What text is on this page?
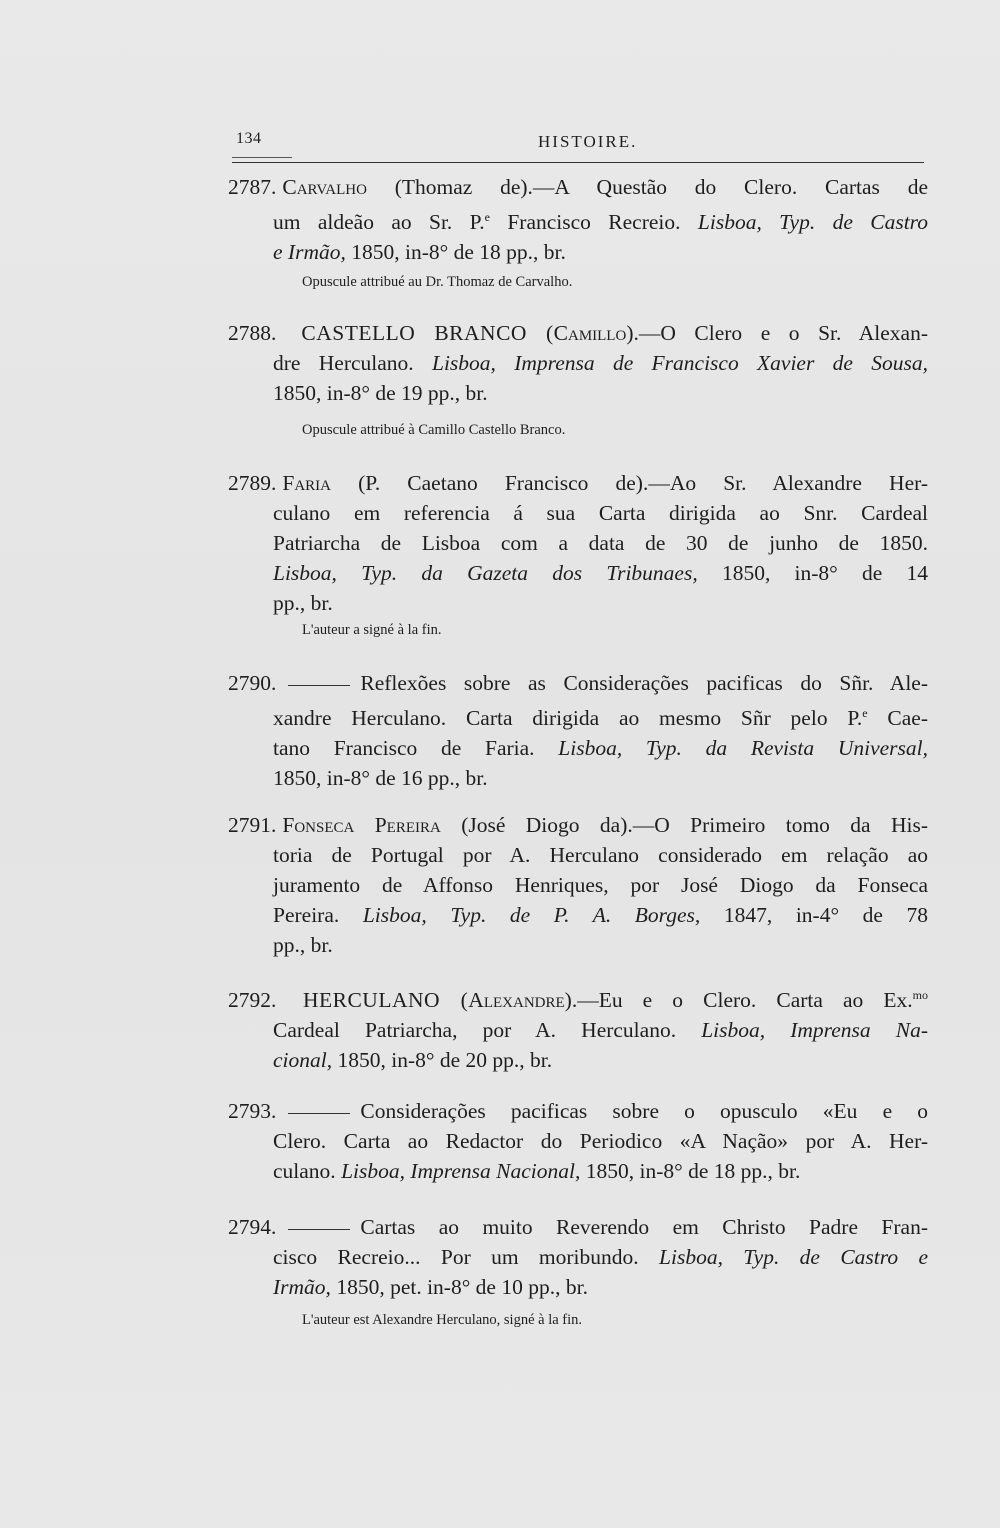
134	HISTOIRE.
2787. Carvalho (Thomaz de).—A Questão do Clero. Cartas de
um aldeão ao Sr. P.$^e$ Francisco Recreio. Lisboa, Typ. de Castro
e Irmão, 1850, in-8° de 18 pp., br.
Opuscule attribué au Dr. Thomaz de Carvalho.
2788. CASTELLO BRANCO (Camillo).—O Clero e o Sr. Alexan-
dre Herculano. Lisboa, Imprensa de Francisco Xavier de Sousa,
1850, in-8° de 19 pp., br.
Opuscule attribué à Camillo Castello Branco.
2789. Faria (P. Caetano Francisco de).—Ao Sr. Alexandre Her-
culano em referencia á sua Carta dirigida ao Snr. Cardeal
Patriarcha de Lisboa com a data de 30 de junho de 1850.
Lisboa, Typ. da Gazeta dos Tribunaes, 1850, in-8° de 14
pp., br.
L'auteur a signé à la fin.
2790.	Reflexões sobre as Considerações pacificas do Sñr. Ale-
xandre Herculano. Carta dirigida ao mesmo Sñr pelo P.$^e$ Cae-
tano Francisco de Faria. Lisboa, Typ. da Revista Universal,
1850, in-8° de 16 pp., br.
2791. Fonseca Pereira (José Diogo da).—O Primeiro tomo da His-
toria de Portugal por A. Herculano considerado em relação ao
juramento de Affonso Henriques, por José Diogo da Fonseca
Pereira. Lisboa, Typ. de P. A. Borges, 1847, in-4° de 78
pp., br.
2792. HERCULANO (Alexandre).—Eu e o Clero. Carta ao Ex.$^{mo}$
Cardeal Patriarcha, por A. Herculano. Lisboa, Imprensa Na-
cional, 1850, in-8° de 20 pp., br.
2793.	Considerações pacificas sobre o opusculo «Eu e o
Clero. Carta ao Redactor do Periodico «A Nação» por A. Her-
culano. Lisboa, Imprensa Nacional, 1850, in-8° de 18 pp., br.
2794.	Cartas ao muito Reverendo em Christo Padre Fran-
cisco Recreio... Por um moribundo. Lisboa, Typ. de Castro e
Irmão, 1850, pet. in-8° de 10 pp., br.
L'auteur est Alexandre Herculano, signé à la fin.
